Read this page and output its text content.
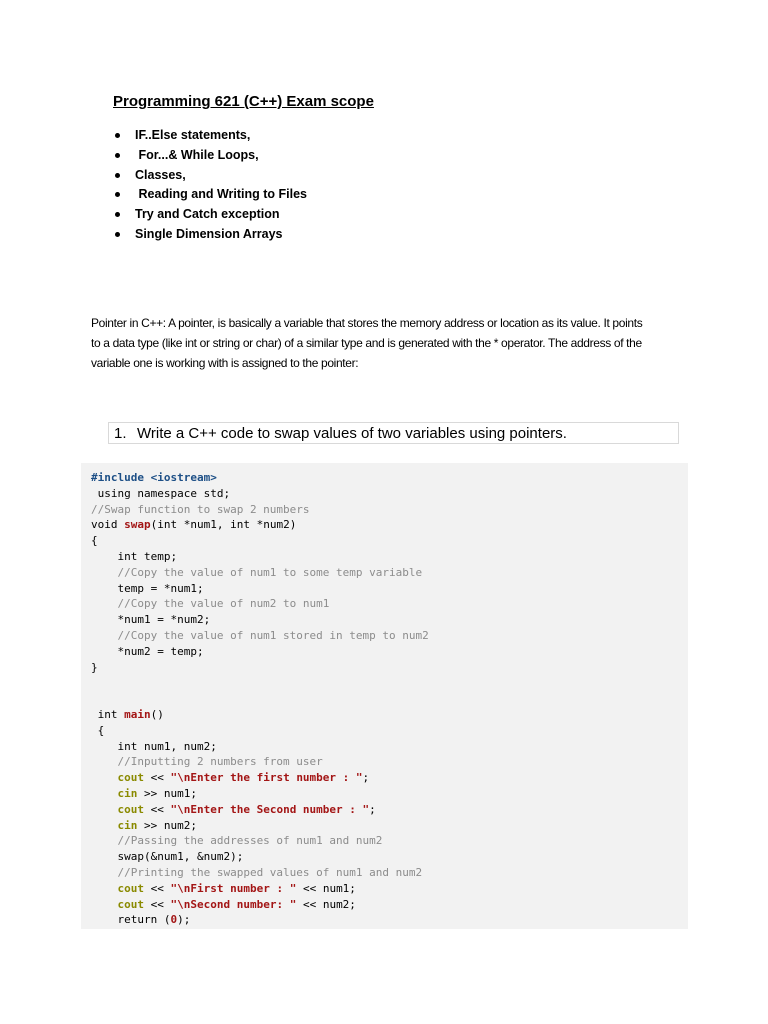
Programming 621 (C++) Exam scope
IF..Else statements,
For...& While Loops,
Classes,
Reading and Writing to Files
Try and Catch exception
Single Dimension Arrays
Pointer in C++: A pointer, is basically a variable that stores the memory address or location as its value. It points to a data type (like int or string or char) of a similar type and is generated with the * operator. The address of the variable one is working with is assigned to the pointer:
1. Write a C++ code to swap values of two variables using pointers.
#include <iostream>
using namespace std;
//Swap function to swap 2 numbers
void swap(int *num1, int *num2)
{
int temp;
//Copy the value of num1 to some temp variable
temp = *num1;
//Copy the value of num2 to num1
*num1 = *num2;
//Copy the value of num1 stored in temp to num2
*num2 = temp;
}
int main()
{
int num1, num2;
//Inputting 2 numbers from user
cout << "\nEnter the first number : ";
cin >> num1;
cout << "\nEnter the Second number : ";
cin >> num2;
//Passing the addresses of num1 and num2
swap(&num1, &num2);
//Printing the swapped values of num1 and num2
cout << "\nFirst number : " << num1;
cout << "\nSecond number: " << num2;
return (0);
